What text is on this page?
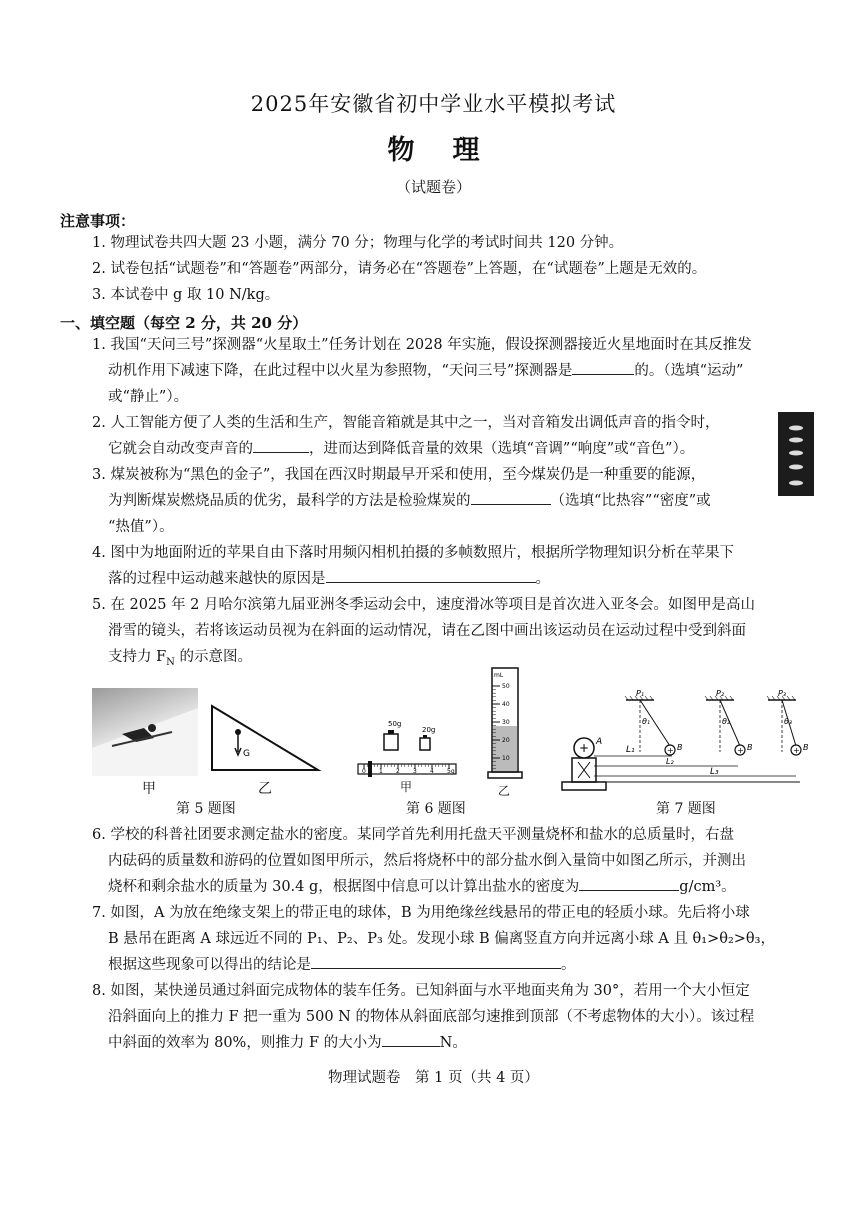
2025年安徽省初中学业水平模拟考试
物理
（试题卷）
注意事项：
1. 物理试卷共四大题 23 小题，满分 70 分；物理与化学的考试时间共 120 分钟。
2. 试卷包括“试题卷”和“答题卷”两部分，请务必在“答题卷”上答题，在“试题卷”上题是无效的。
3. 本试卷中 g 取 10 N/kg。
一、填空题（每空 2 分，共 20 分）
1. 我国“天问三号”探测器“火星取土”任务计划在 2028 年实施，假设探测器接近火星地面时在其反推发
动机作用下减速下降，在此过程中以火星为参照物，“天问三号”探测器是	的。（选填“运动”
或“静止”）。
2. 人工智能方便了人类的生活和生产，智能音箱就是其中之一，当对音箱发出调低声音的指令时，
它就会自动改变声音的	，进而达到降低音量的效果（选填“音调”“响度”或“音色”）。
3. 煤炭被称为“黑色的金子”，我国在西汉时期最早开采和使用，至今煤炭仍是一种重要的能源，
为判断煤炭燃烧品质的优劣，最科学的方法是检验煤炭的	（选填“比热容”“密度”或
“热值”）。
4. 图中为地面附近的苹果自由下落时用频闪相机拍摄的多帧数照片，根据所学物理知识分析在苹果下
落的过程中运动越来越快的原因是	。
5. 在 2025 年 2 月哈尔滨第九届亚洲冬季运动会中，速度滑冰等项目是首次进入亚冬会。如图甲是高山
滑雪的镜头，若将该运动员视为在斜面的运动情况，请在乙图中画出该运动员在运动过程中受到斜面
支持力 $F_N$ 的示意图。
甲
G
乙
第 5 题图
50g
20g
0 1 2 3 4 5g
甲
mL
50
40
30
20
10
乙
第 6 题图
+ A
P₁
θ₁
+ B
P₂
θ₂
+ B
P₃
θ₃
+ B
L₁
L₂
L₃
第 7 题图
6. 学校的科普社团要求测定盐水的密度。某同学首先利用托盘天平测量烧杯和盐水的总质量时，右盘
内砝码的质量数和游码的位置如图甲所示，然后将烧杯中的部分盐水倒入量筒中如图乙所示，并测出
烧杯和剩余盐水的质量为 30.4 g，根据图中信息可以计算出盐水的密度为	g/cm³。
7. 如图，A 为放在绝缘支架上的带正电的球体，B 为用绝缘丝线悬吊的带正电的轻质小球。先后将小球
B 悬吊在距离 A 球远近不同的 P₁、P₂、P₃ 处。发现小球 B 偏离竖直方向并远离小球 A 且 θ₁>θ₂>θ₃，
根据这些现象可以得出的结论是	。
8. 如图，某快递员通过斜面完成物体的装车任务。已知斜面与水平地面夹角为 30°，若用一个大小恒定
沿斜面向上的推力 F 把一重为 500 N 的物体从斜面底部匀速推到顶部（不考虑物体的大小）。该过程
中斜面的效率为 80%，则推力 F 的大小为	N。
物理试题卷　第 1 页（共 4 页）
